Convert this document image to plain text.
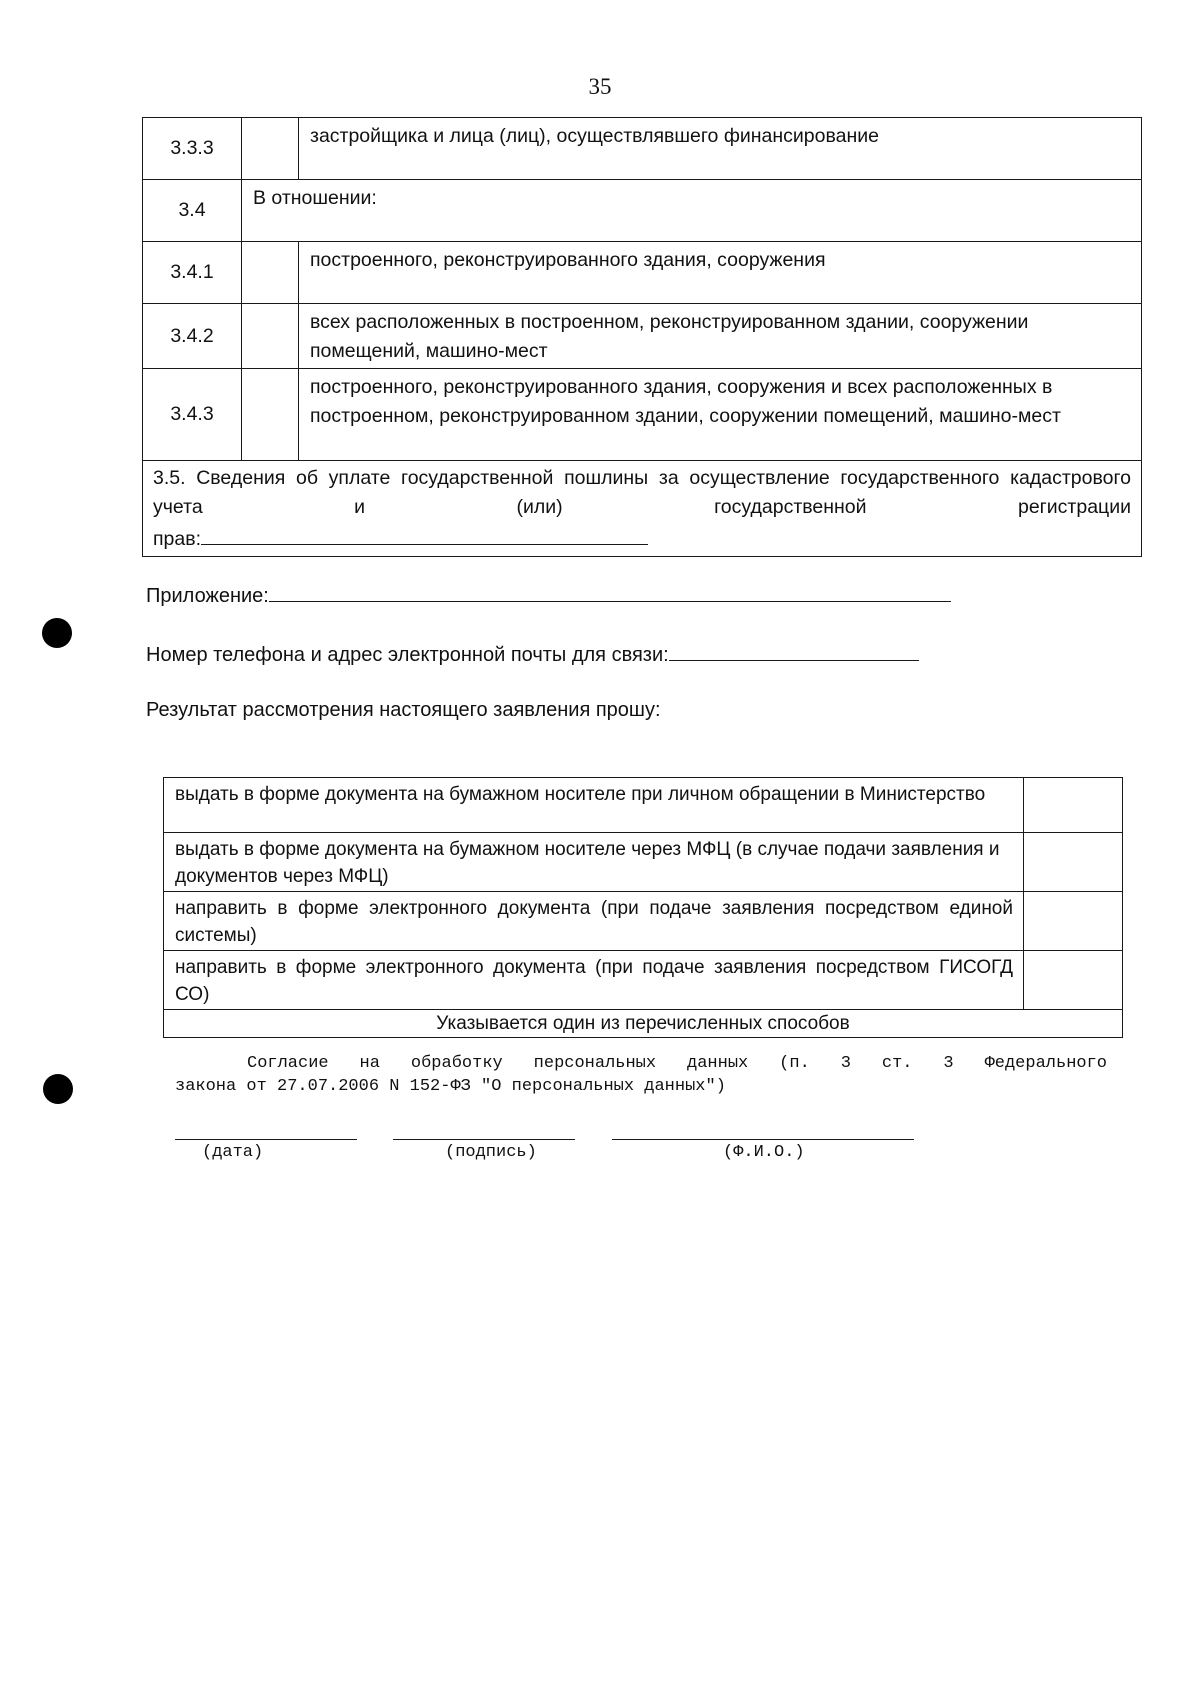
35
3.3.3		застройщика и лица (лиц), осуществлявшего финансирование
3.4	В отношении:	
3.4.1		построенного, реконструированного здания, сооружения
3.4.2		всех расположенных в построенном, реконструированном здании, сооружении помещений, машино-мест
3.4.3		построенного, реконструированного здания, сооружения и всех расположенных в построенном, реконструированном здании, сооружении помещений, машино-мест

3.5. Сведения об уплате государственной пошлины за осуществление государственного кадастрового учета и (или) государственной регистрации
прав:		
Приложение:
Номер телефона и адрес электронной почты для связи:
Результат рассмотрения настоящего заявления прошу:
выдать в форме документа на бумажном носителе при личном обращении в Министерство	
выдать в форме документа на бумажном носителе через МФЦ (в случае подачи заявления и документов через МФЦ)	
направить в форме электронного документа (при подаче заявления посредством единой системы)	
направить в форме электронного документа (при подаче заявления посредством ГИСОГД СО)	
Указывается один из перечисленных способов	
Согласие на обработку персональных данных (п. 3 ст. 3 Федерального
закона от 27.07.2006 N 152-ФЗ "О персональных данных")
(дата)	(подпись)	(Ф.И.О.)
